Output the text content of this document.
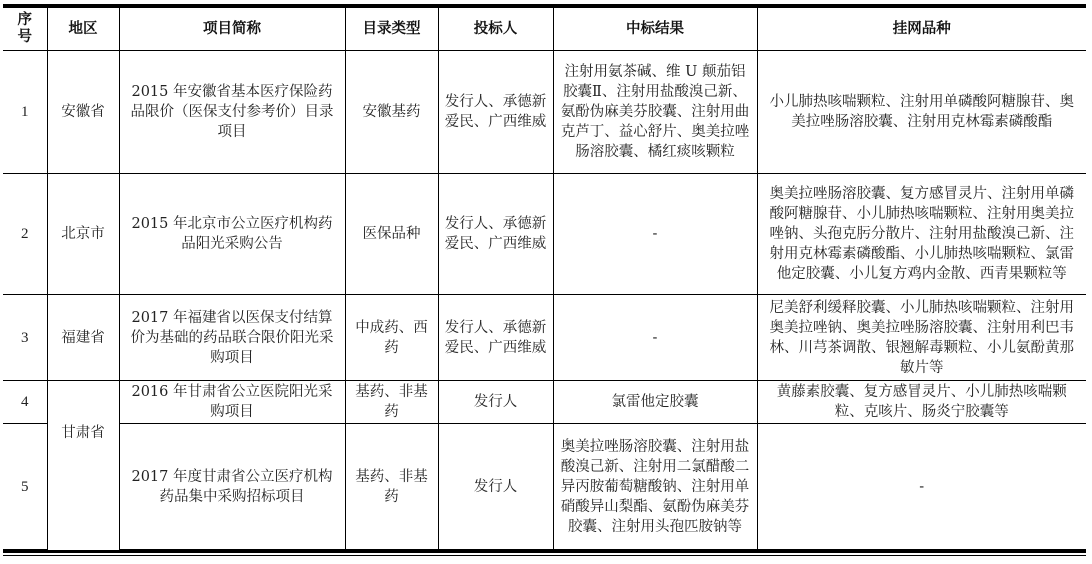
序号	地区	项目简称	目录类型	投标人	中标结果	挂网品种
1	安徽省	2015 年安徽省基本医疗保险药品限价（医保支付参考价）目录项目	安徽基药	发行人、承德新爱民、广西维威	注射用氨茶碱、维 U 颠茄铝胶囊Ⅱ、注射用盐酸溴己新、氨酚伪麻美芬胶囊、注射用曲克芦丁、益心舒片、奥美拉唑肠溶胶囊、橘红痰咳颗粒	小儿肺热咳喘颗粒、注射用单磷酸阿糖腺苷、奥美拉唑肠溶胶囊、注射用克林霉素磷酸酯
2	北京市	2015 年北京市公立医疗机构药品阳光采购公告	医保品种	发行人、承德新爱民、广西维威	-	奥美拉唑肠溶胶囊、复方感冒灵片、注射用单磷酸阿糖腺苷、小儿肺热咳喘颗粒、注射用奥美拉唑钠、头孢克肟分散片、注射用盐酸溴己新、注射用克林霉素磷酸酯、小儿肺热咳喘颗粒、氯雷他定胶囊、小儿复方鸡内金散、西青果颗粒等
3	福建省	2017 年福建省以医保支付结算价为基础的药品联合限价阳光采购项目	中成药、西药	发行人、承德新爱民、广西维威	-	尼美舒利缓释胶囊、小儿肺热咳喘颗粒、注射用奥美拉唑钠、奥美拉唑肠溶胶囊、注射用利巴韦林、川芎茶调散、银翘解毒颗粒、小儿氨酚黄那敏片等
4	甘肃省	2016 年甘肃省公立医院阳光采购项目	基药、非基药	发行人	氯雷他定胶囊	黄藤素胶囊、复方感冒灵片、小儿肺热咳喘颗粒、克咳片、肠炎宁胶囊等
5		2017 年度甘肃省公立医疗机构药品集中采购招标项目	基药、非基药	发行人	奥美拉唑肠溶胶囊、注射用盐酸溴己新、注射用二氯醋酸二异丙胺葡萄糖酸钠、注射用单硝酸异山梨酯、氨酚伪麻美芬胶囊、注射用头孢匹胺钠等	-
